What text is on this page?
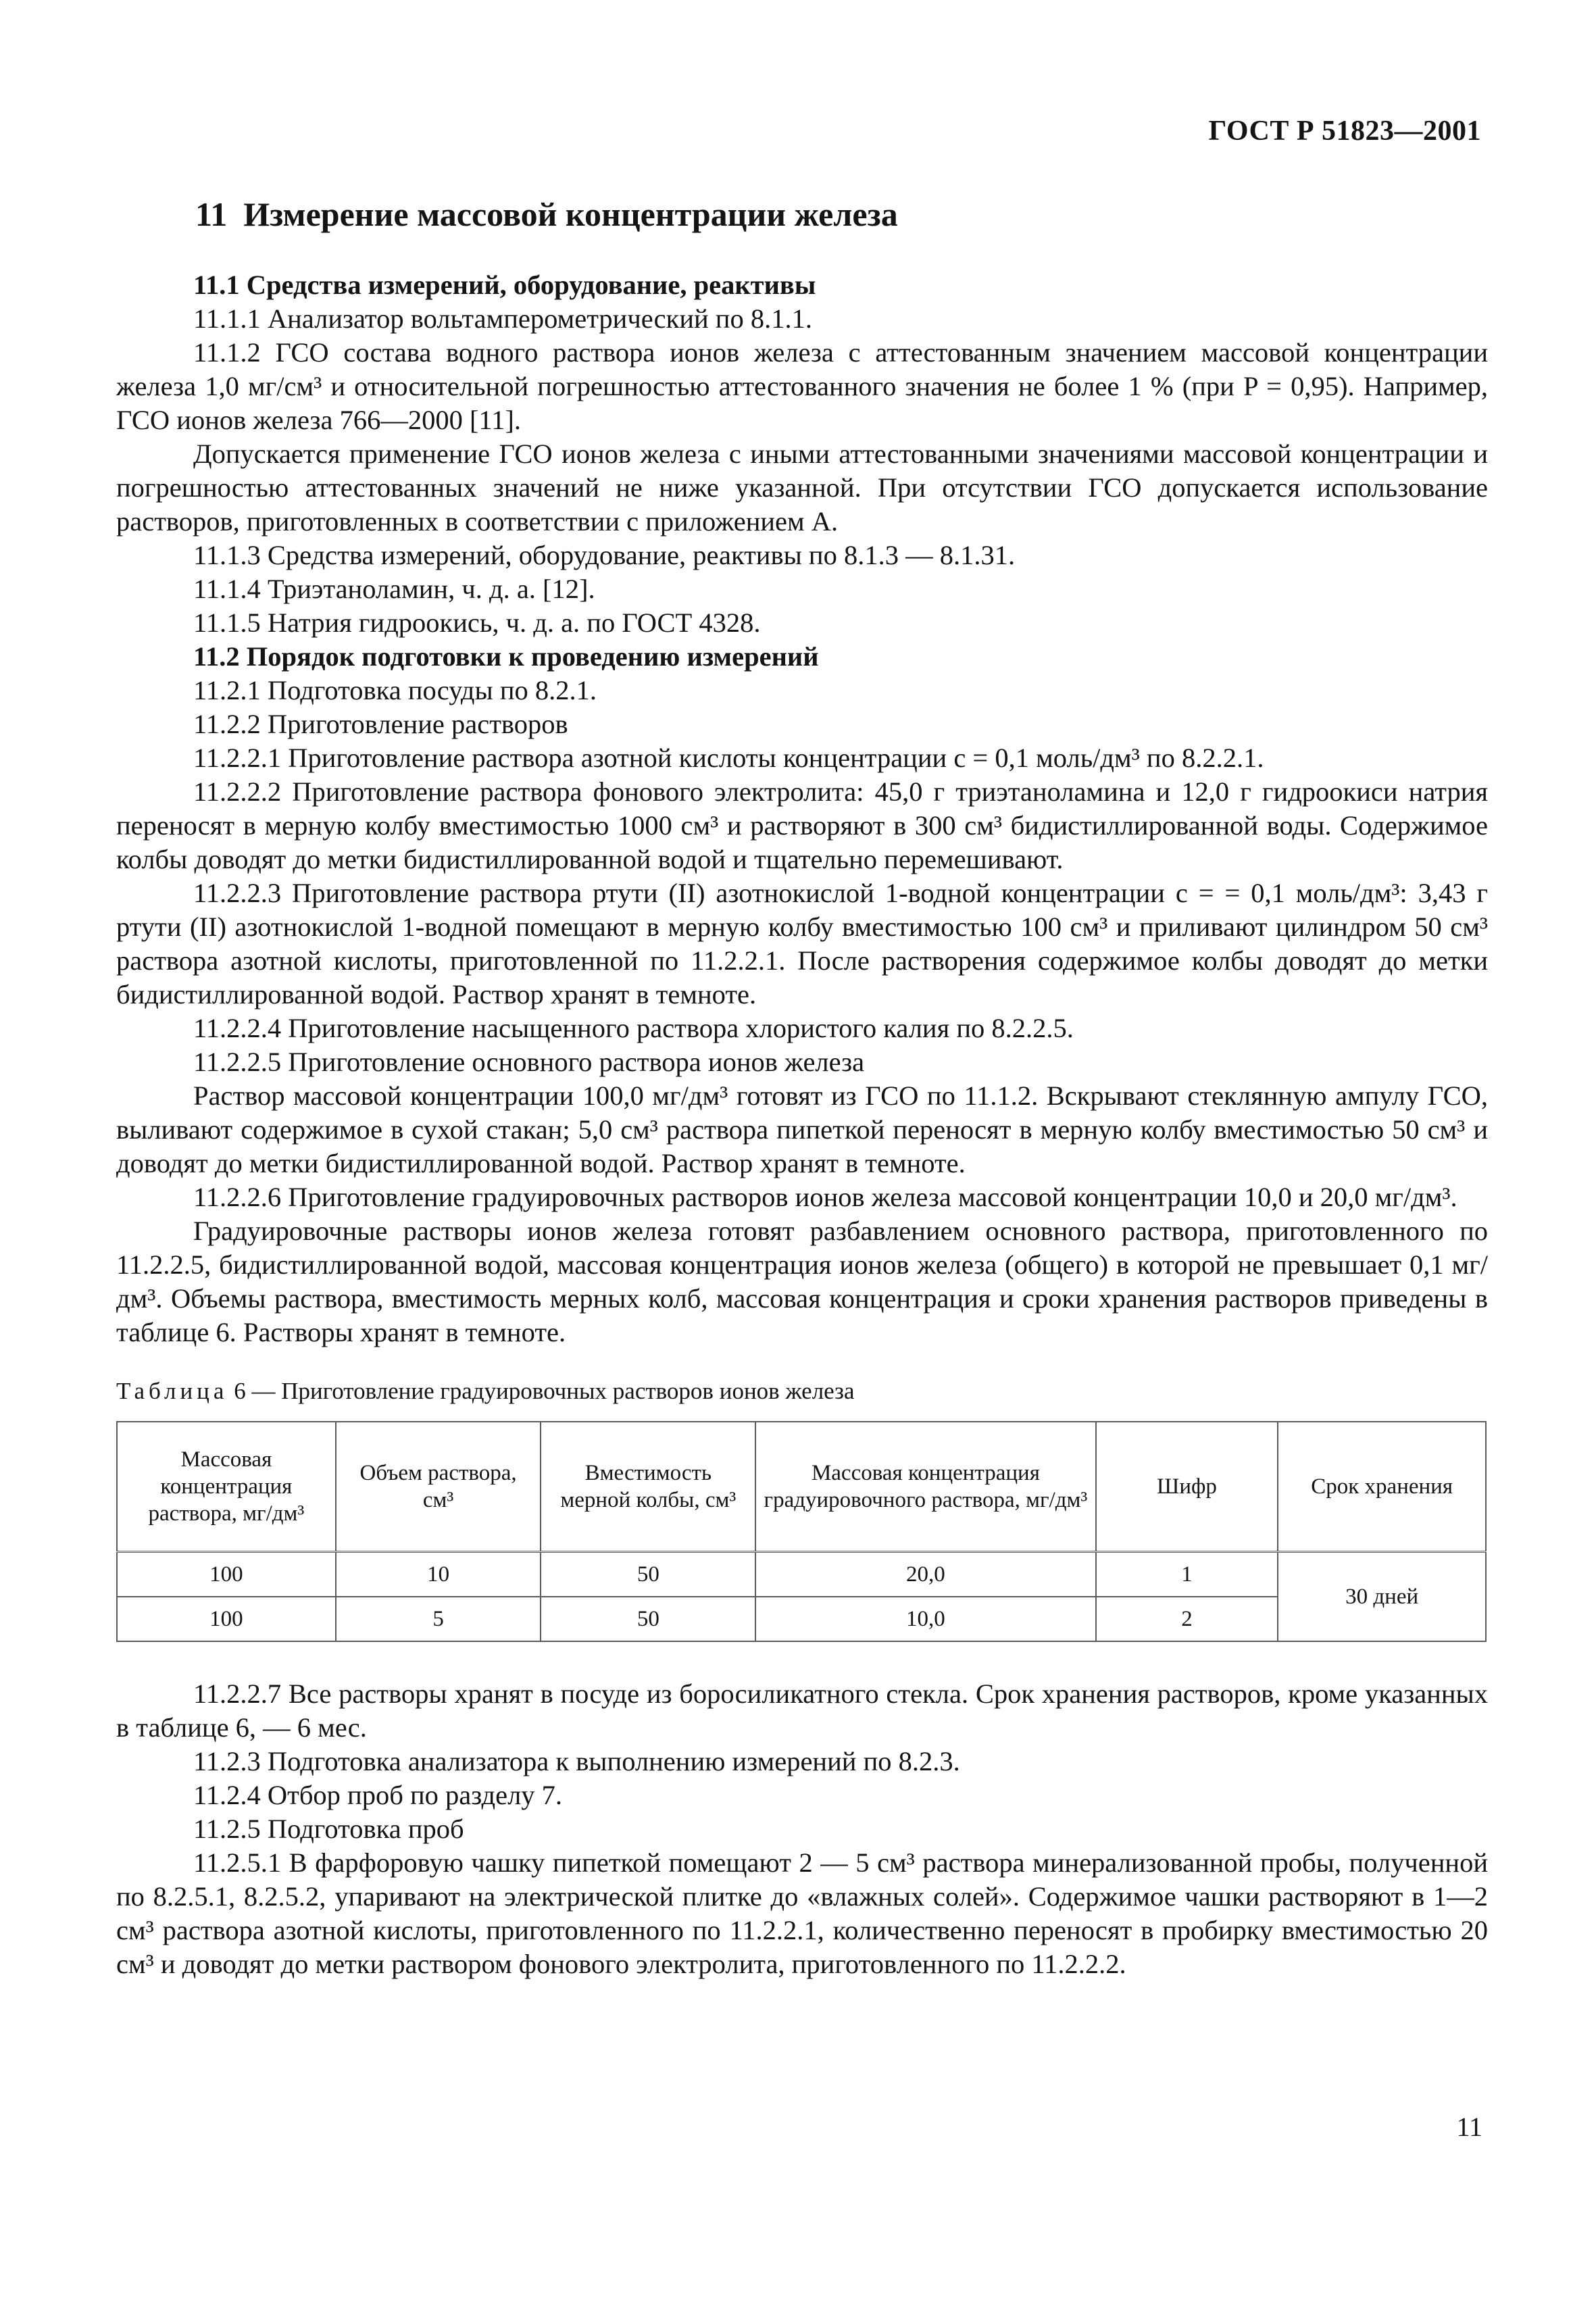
ГОСТ Р 51823—2001
11 Измерение массовой концентрации железа

11.1 Средства измерений, оборудование, реактивы

11.1.1 Анализатор вольтамперометрический по 8.1.1.

11.1.2 ГСО состава водного раствора ионов железа с аттестованным значением массовой концентрации железа 1,0 мг/см³ и относительной погрешностью аттестованного значения не более 1 % (при P = 0,95). Например, ГСО ионов железа 766—2000 [11].

Допускается применение ГСО ионов железа с иными аттестованными значениями массовой концентрации и погрешностью аттестованных значений не ниже указанной. При отсутствии ГСО допускается использование растворов, приготовленных в соответствии с приложением А.

11.1.3 Средства измерений, оборудование, реактивы по 8.1.3 — 8.1.31.

11.1.4 Триэтаноламин, ч. д. а. [12].

11.1.5 Натрия гидроокись, ч. д. а. по ГОСТ 4328.

11.2 Порядок подготовки к проведению измерений

11.2.1 Подготовка посуды по 8.2.1.

11.2.2 Приготовление растворов

11.2.2.1 Приготовление раствора азотной кислоты концентрации c = 0,1 моль/дм³ по 8.2.2.1.

11.2.2.2 Приготовление раствора фонового электролита: 45,0 г триэтаноламина и 12,0 г гидроокиси натрия переносят в мерную колбу вместимостью 1000 см³ и растворяют в 300 см³ бидистиллированной воды. Содержимое колбы доводят до метки бидистиллированной водой и тщательно перемешивают.

11.2.2.3 Приготовление раствора ртути (II) азотнокислой 1-водной концентрации c = = 0,1 моль/дм³: 3,43 г ртути (II) азотнокислой 1-водной помещают в мерную колбу вместимостью 100 см³ и приливают цилиндром 50 см³ раствора азотной кислоты, приготовленной по 11.2.2.1. После растворения содержимое колбы доводят до метки бидистиллированной водой. Раствор хранят в темноте.

11.2.2.4 Приготовление насыщенного раствора хлористого калия по 8.2.2.5.

11.2.2.5 Приготовление основного раствора ионов железа

Раствор массовой концентрации 100,0 мг/дм³ готовят из ГСО по 11.1.2. Вскрывают стеклянную ампулу ГСО, выливают содержимое в сухой стакан; 5,0 см³ раствора пипеткой переносят в мерную колбу вместимостью 50 см³ и доводят до метки бидистиллированной водой. Раствор хранят в темноте.

11.2.2.6 Приготовление градуировочных растворов ионов железа массовой концентрации 10,0 и 20,0 мг/дм³.

Градуировочные растворы ионов железа готовят разбавлением основного раствора, приготовленного по 11.2.2.5, бидистиллированной водой, массовая концентрация ионов железа (общего) в которой не превышает 0,1 мг/дм³. Объемы раствора, вместимость мерных колб, массовая концентрация и сроки хранения растворов приведены в таблице 6. Растворы хранят в темноте.

Таблица 6 — Приготовление градуировочных растворов ионов железа
Массовая концентрация раствора, мг/дм³	Объем раствора, см³	Вместимость мерной колбы, см³	Массовая концентрация градуировочного раствора, мг/дм³	Шифр	Срок хранения
100	10	50	20,0	1	30 дней
100	5	50	10,0	2	

11.2.2.7 Все растворы хранят в посуде из боросиликатного стекла. Срок хранения растворов, кроме указанных в таблице 6, — 6 мес.

11.2.3 Подготовка анализатора к выполнению измерений по 8.2.3.

11.2.4 Отбор проб по разделу 7.

11.2.5 Подготовка проб

11.2.5.1 В фарфоровую чашку пипеткой помещают 2 — 5 см³ раствора минерализованной пробы, полученной по 8.2.5.1, 8.2.5.2, упаривают на электрической плитке до «влажных солей». Содержимое чашки растворяют в 1—2 см³ раствора азотной кислоты, приготовленного по 11.2.2.1, количественно переносят в пробирку вместимостью 20 см³ и доводят до метки раствором фонового электролита, приготовленного по 11.2.2.2.

11
